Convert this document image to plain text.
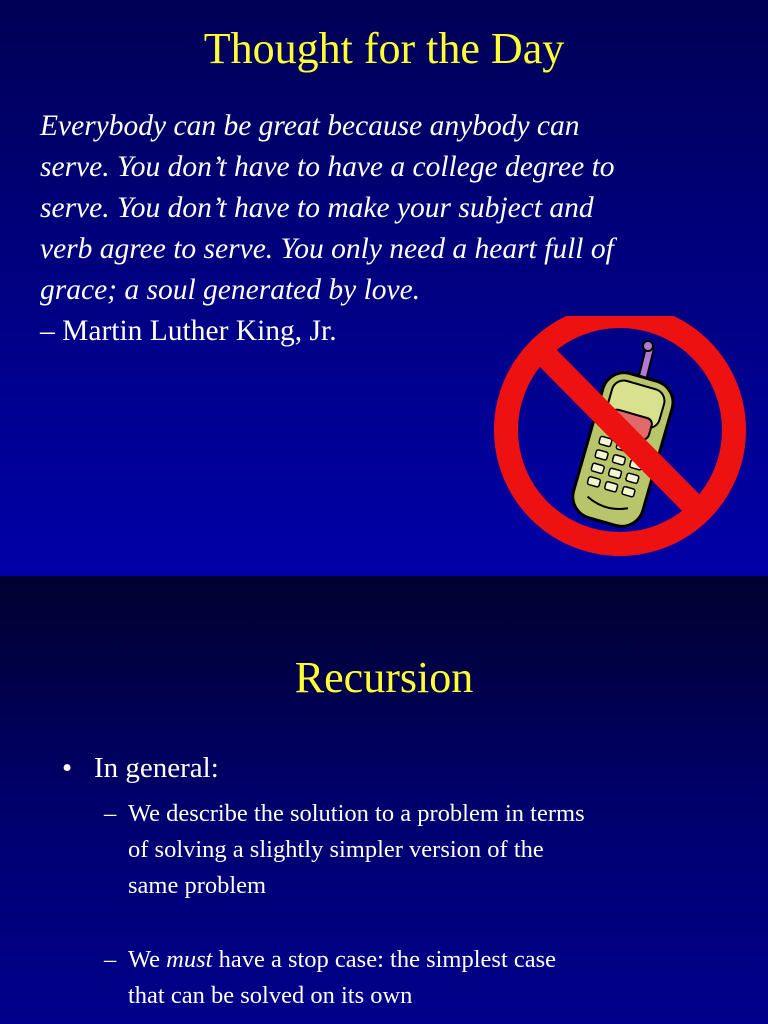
Thought for the Day
Everybody can be great because anybody can
serve. You don’t have to have a college degree to
serve. You don’t have to make your subject and
verb agree to serve. You only need a heart full of
grace; a soul generated by love.
– Martin Luther King, Jr.
Recursion
• In general:
– We describe the solution to a problem in terms
of solving a slightly simpler version of the
same problem
– We must have a stop case: the simplest case
that can be solved on its own
